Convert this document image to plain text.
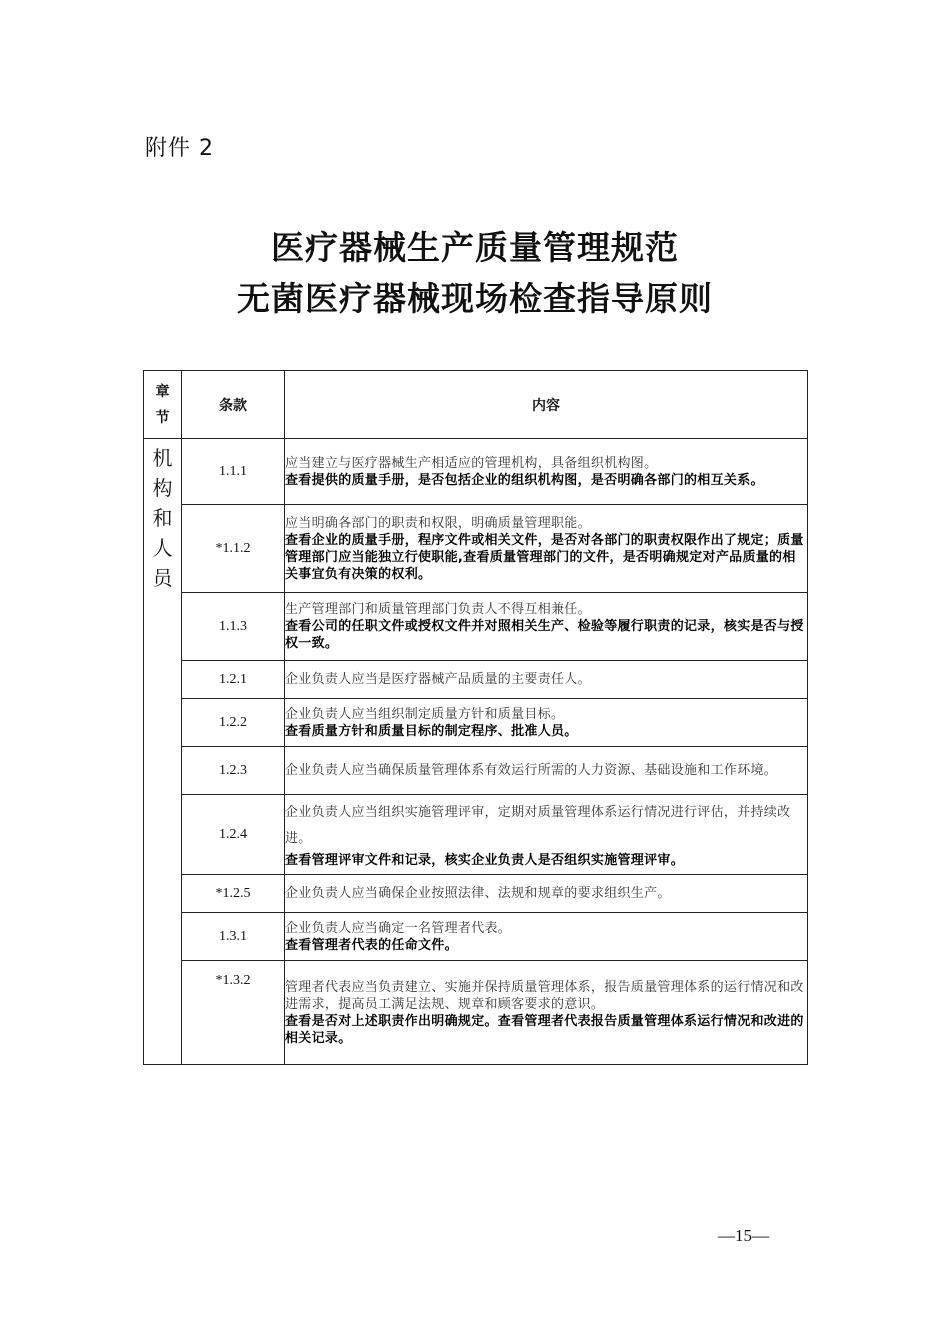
附件 2
医疗器械生产质量管理规范
无菌医疗器械现场检查指导原则
章节	条款	内容

机构和人员	1.1.1	应当建立与医疗器械生产相适应的管理机构，具备组织机构图。
查看提供的质量手册，是否包括企业的组织机构图，是否明确各部门的相互关系。

	*1.1.2	应当明确各部门的职责和权限，明确质量管理职能。
查看企业的质量手册，程序文件或相关文件，是否对各部门的职责权限作出了规定；质量管理部门应当能独立行使职能,查看质量管理部门的文件，是否明确规定对产品质量的相关事宜负有决策的权利。

	1.1.3	生产管理部门和质量管理部门负责人不得互相兼任。
查看公司的任职文件或授权文件并对照相关生产、检验等履行职责的记录，核实是否与授权一致。

	1.2.1	企业负责人应当是医疗器械产品质量的主要责任人。

	1.2.2	企业负责人应当组织制定质量方针和质量目标。
查看质量方针和质量目标的制定程序、批准人员。

	1.2.3	企业负责人应当确保质量管理体系有效运行所需的人力资源、基础设施和工作环境。

	1.2.4	企业负责人应当组织实施管理评审，定期对质量管理体系运行情况进行评估，并持续改进。
查看管理评审文件和记录，核实企业负责人是否组织实施管理评审。

	*1.2.5	企业负责人应当确保企业按照法律、法规和规章的要求组织生产。

	1.3.1	企业负责人应当确定一名管理者代表。
查看管理者代表的任命文件。

	*1.3.2	管理者代表应当负责建立、实施并保持质量管理体系，报告质量管理体系的运行情况和改进需求，提高员工满足法规、规章和顾客要求的意识。
查看是否对上述职责作出明确规定。查看管理者代表报告质量管理体系运行情况和改进的相关记录。
—15—
